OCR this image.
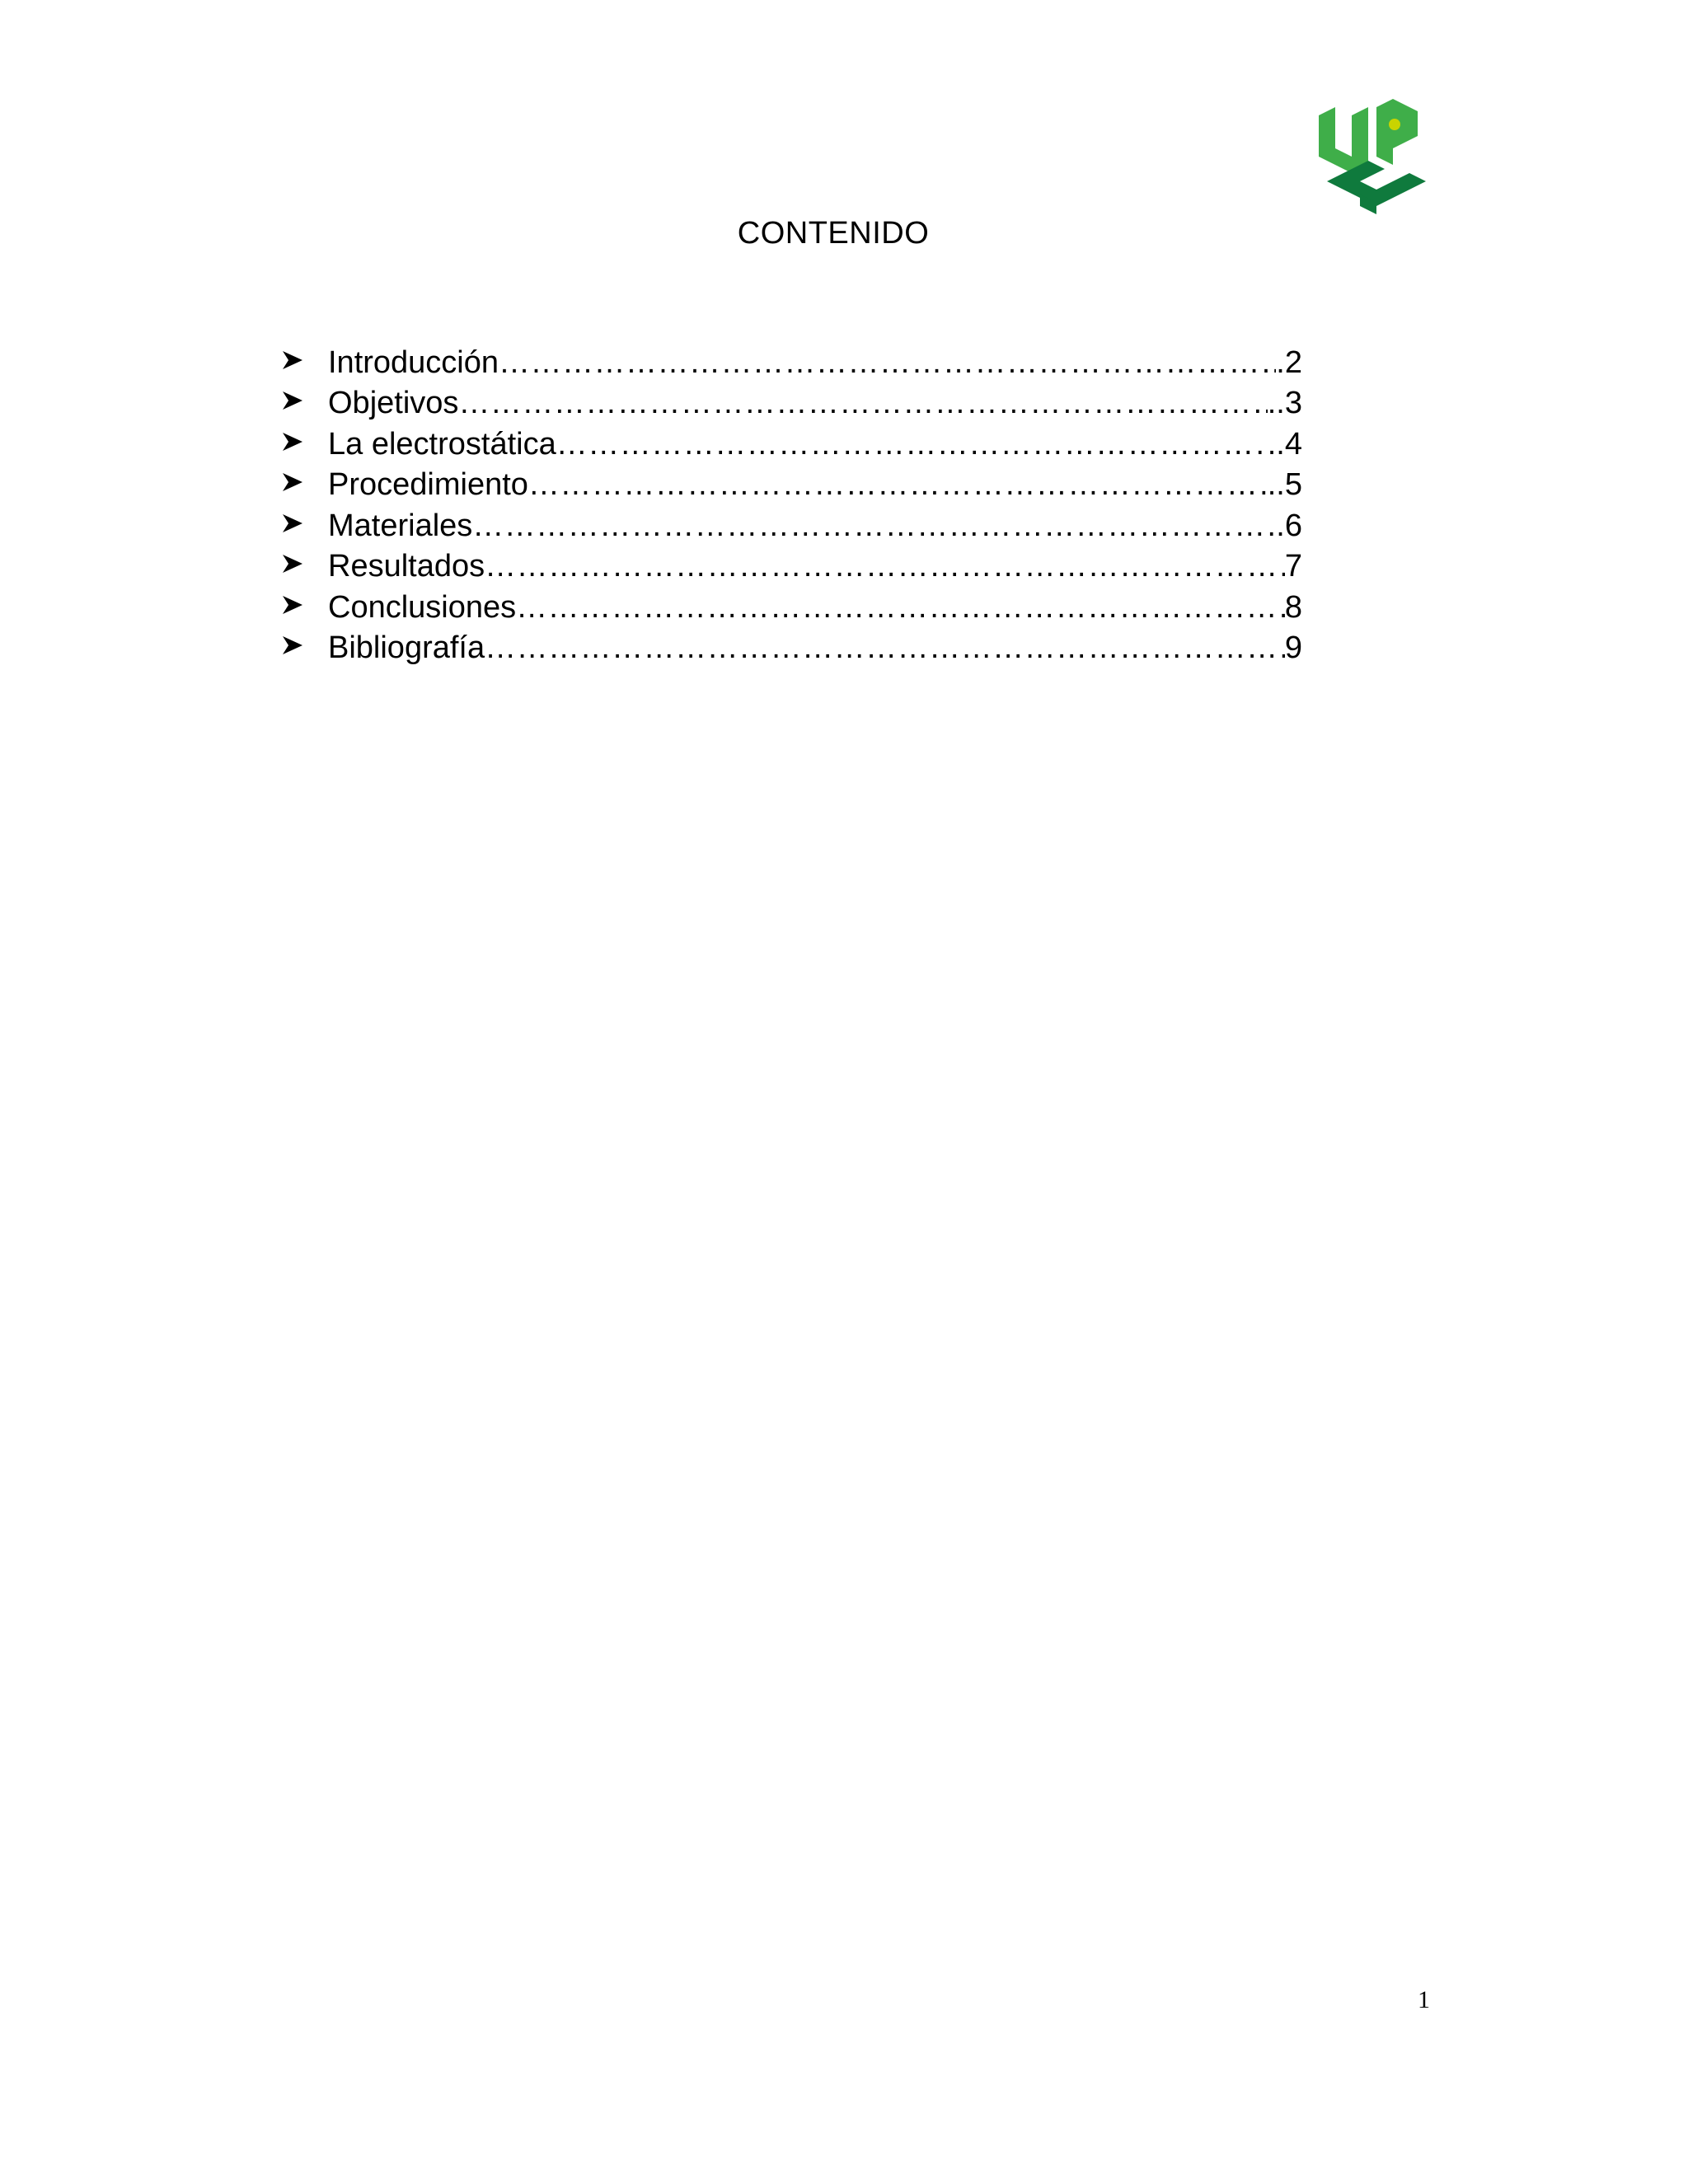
CONTENIDO
Introducción ……………………………………………………………………………………………………………	. 2
Objetivos ……………………………………………………………………………………………………………	.. 3
La electrostática ……………………………………………………………………………………………………………	.. 4
Procedimiento ……………………………………………………………………………………………………………	.. 5
Materiales ……………………………………………………………………………………………………………	. 6
Resultados ……………………………………………………………………………………………………………	7
Conclusiones ……………………………………………………………………………………………………………	8
Bibliografía ……………………………………………………………………………………………………………	9
1
